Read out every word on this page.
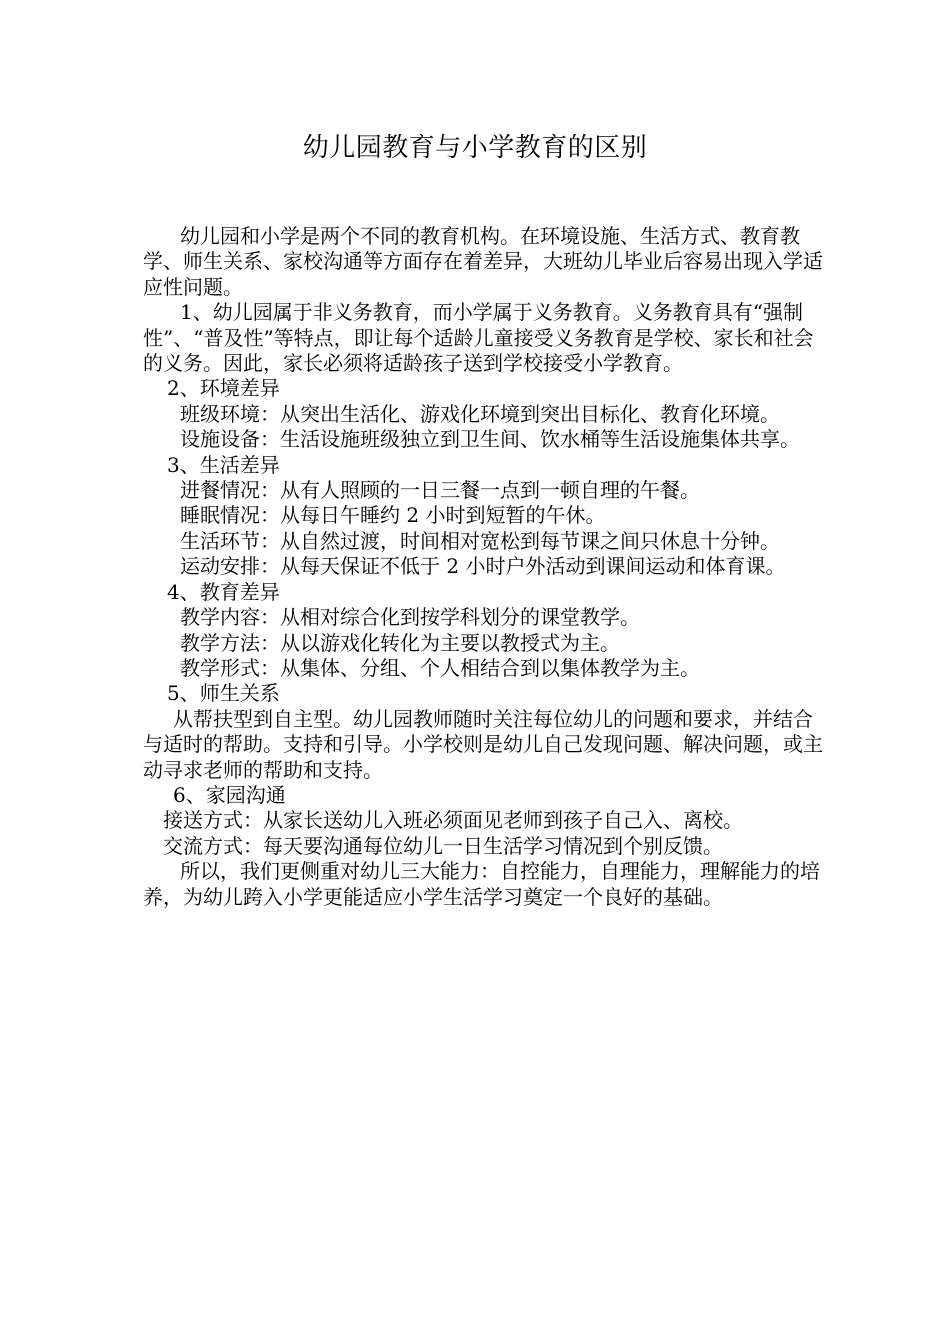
幼儿园教育与小学教育的区别

幼儿园和小学是两个不同的教育机构。在环境设施、生活方式、教育教学、师生关系、家校沟通等方面存在着差异，大班幼儿毕业后容易出现入学适应性问题。

1、幼儿园属于非义务教育，而小学属于义务教育。义务教育具有“强制性”、“普及性”等特点，即让每个适龄儿童接受义务教育是学校、家长和社会的义务。因此，家长必须将适龄孩子送到学校接受小学教育。

2、环境差异

班级环境：从突出生活化、游戏化环境到突出目标化、教育化环境。

设施设备：生活设施班级独立到卫生间、饮水桶等生活设施集体共享。

3、生活差异

进餐情况：从有人照顾的一日三餐一点到一顿自理的午餐。

睡眠情况：从每日午睡约 2 小时到短暂的午休。

生活环节：从自然过渡，时间相对宽松到每节课之间只休息十分钟。

运动安排：从每天保证不低于 2 小时户外活动到课间运动和体育课。

4、教育差异

教学内容：从相对综合化到按学科划分的课堂教学。

教学方法：从以游戏化转化为主要以教授式为主。

教学形式：从集体、分组、个人相结合到以集体教学为主。

5、师生关系

从帮扶型到自主型。幼儿园教师随时关注每位幼儿的问题和要求，并结合与适时的帮助。支持和引导。小学校则是幼儿自己发现问题、解决问题，或主动寻求老师的帮助和支持。

6、家园沟通

接送方式：从家长送幼儿入班必须面见老师到孩子自己入、离校。

交流方式：每天要沟通每位幼儿一日生活学习情况到个别反馈。

所以，我们更侧重对幼儿三大能力：自控能力，自理能力，理解能力的培养，为幼儿跨入小学更能适应小学生活学习奠定一个良好的基础。
